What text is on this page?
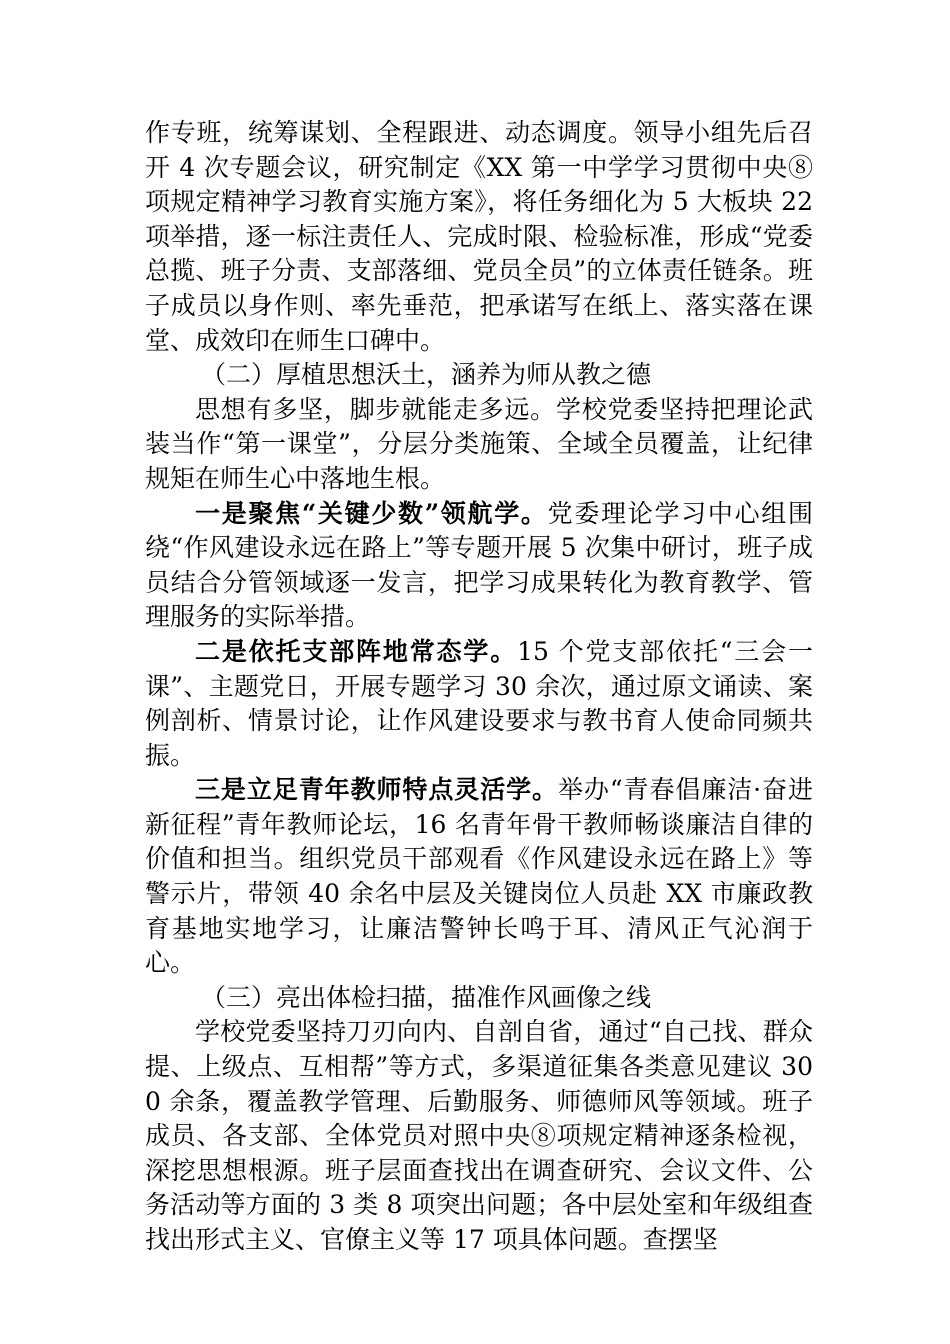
作专班，统筹谋划、全程跟进、动态调度。领导小组先后召开 4 次专题会议，研究制定《XX 第一中学学习贯彻中央⑧项规定精神学习教育实施方案》，将任务细化为 5 大板块 22 项举措，逐一标注责任人、完成时限、检验标准，形成“党委总揽、班子分责、支部落细、党员全员”的立体责任链条。班子成员以身作则、率先垂范，把承诺写在纸上、落实落在课堂、成效印在师生口碑中。

（二）厚植思想沃土，涵养为师从教之德

思想有多坚，脚步就能走多远。学校党委坚持把理论武装当作“第一课堂”，分层分类施策、全域全员覆盖，让纪律规矩在师生心中落地生根。

一是聚焦“关键少数”领航学。党委理论学习中心组围绕“作风建设永远在路上”等专题开展 5 次集中研讨，班子成员结合分管领域逐一发言，把学习成果转化为教育教学、管理服务的实际举措。

二是依托支部阵地常态学。15 个党支部依托“三会一课”、主题党日，开展专题学习 30 余次，通过原文诵读、案例剖析、情景讨论，让作风建设要求与教书育人使命同频共振。

三是立足青年教师特点灵活学。举办“青春倡廉洁·奋进新征程”青年教师论坛，16 名青年骨干教师畅谈廉洁自律的价值和担当。组织党员干部观看《作风建设永远在路上》等警示片，带领 40 余名中层及关键岗位人员赴 XX 市廉政教育基地实地学习，让廉洁警钟长鸣于耳、清风正气沁润于心。

（三）亮出体检扫描，描准作风画像之线

学校党委坚持刀刃向内、自剖自省，通过“自己找、群众提、上级点、互相帮”等方式，多渠道征集各类意见建议 300 余条，覆盖教学管理、后勤服务、师德师风等领域。班子成员、各支部、全体党员对照中央⑧项规定精神逐条检视，深挖思想根源。班子层面查找出在调查研究、会议文件、公务活动等方面的 3 类 8 项突出问题；各中层处室和年级组查找出形式主义、官僚主义等 17 项具体问题。查摆坚
